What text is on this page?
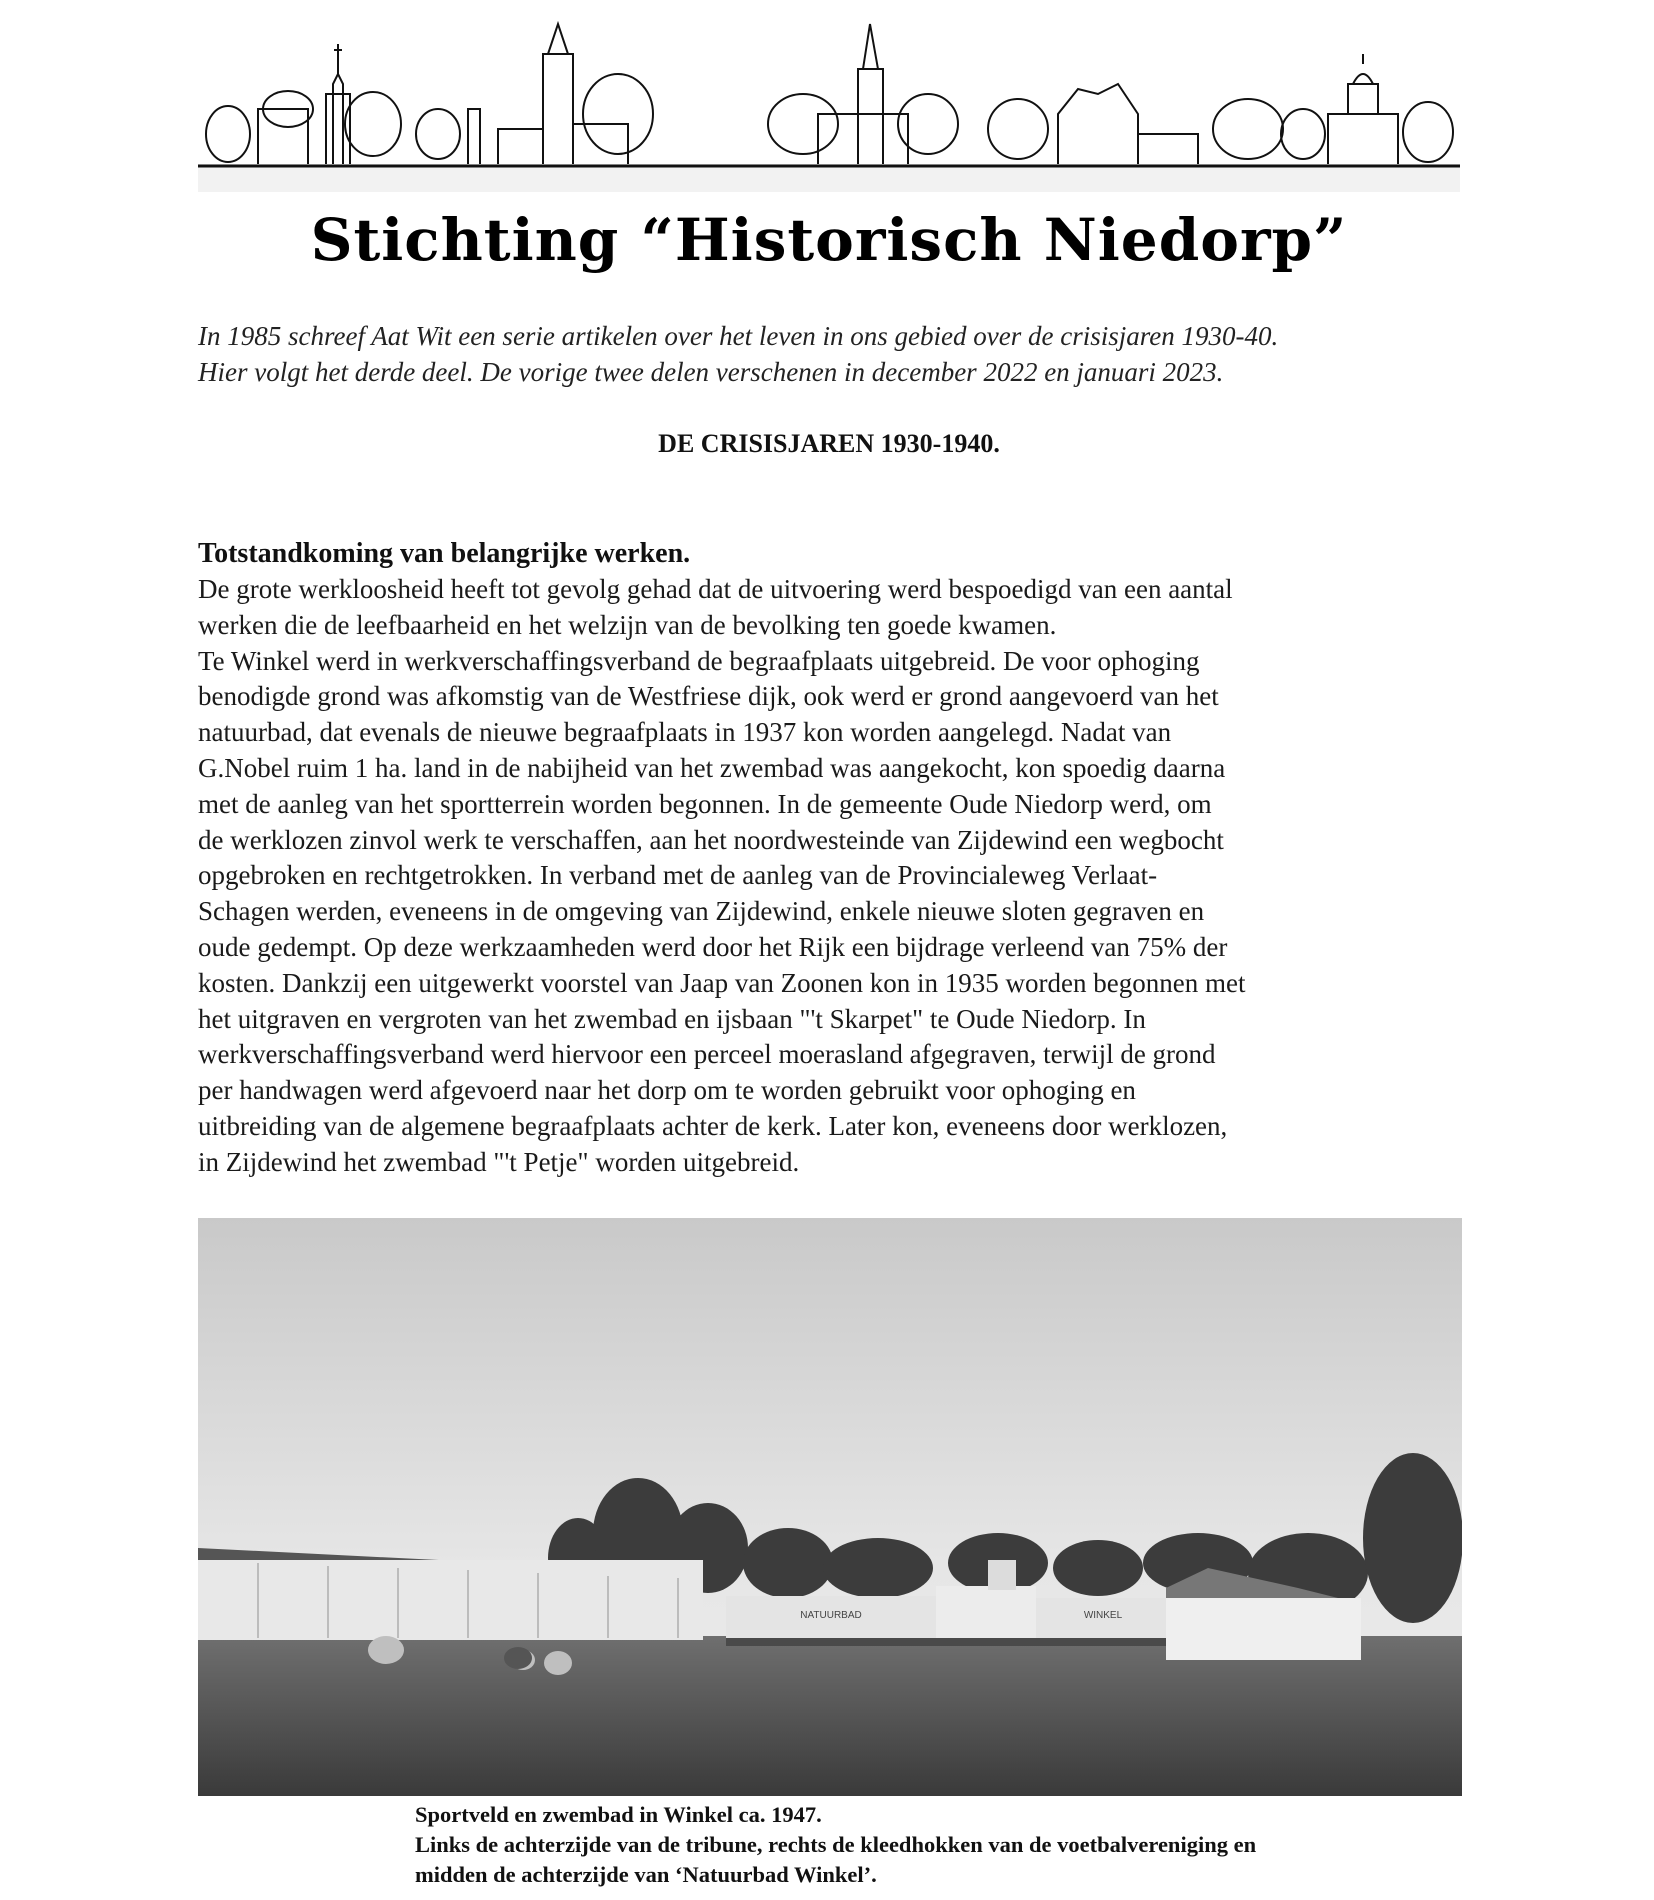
Stichting “Historisch Niedorp”

In 1985 schreef Aat Wit een serie artikelen over het leven in ons gebied over de crisisjaren 1930-40.

Hier volgt het derde deel. De vorige twee delen verschenen in december 2022 en januari 2023.

DE CRISISJAREN 1930-1940.
Totstandkoming van belangrijke werken.

De grote werkloosheid heeft tot gevolg gehad dat de uitvoering werd bespoedigd van een aantal

werken die de leefbaarheid en het welzijn van de bevolking ten goede kwamen.

Te Winkel werd in werkverschaffingsverband de begraafplaats uitgebreid. De voor ophoging

benodigde grond was afkomstig van de Westfriese dijk, ook werd er grond aangevoerd van het

natuurbad, dat evenals de nieuwe begraafplaats in 1937 kon worden aangelegd. Nadat van

G.Nobel ruim 1 ha. land in de nabijheid van het zwembad was aangekocht, kon spoedig daarna

met de aanleg van het sportterrein worden begonnen. In de gemeente Oude Niedorp werd, om

de werklozen zinvol werk te verschaffen, aan het noordwesteinde van Zijdewind een wegbocht

opgebroken en rechtgetrokken. In verband met de aanleg van de Provincialeweg Verlaat-

Schagen werden, eveneens in de omgeving van Zijdewind, enkele nieuwe sloten gegraven en

oude gedempt. Op deze werkzaamheden werd door het Rijk een bijdrage verleend van 75% der

kosten. Dankzij een uitgewerkt voorstel van Jaap van Zoonen kon in 1935 worden begonnen met

het uitgraven en vergroten van het zwembad en ijsbaan "'t Skarpet" te Oude Niedorp. In

werkverschaffingsverband werd hiervoor een perceel moerasland afgegraven, terwijl de grond

per handwagen werd afgevoerd naar het dorp om te worden gebruikt voor ophoging en

uitbreiding van de algemene begraafplaats achter de kerk. Later kon, eveneens door werklozen,

in Zijdewind het zwembad "'t Petje" worden uitgebreid.

NATUURBAD	WINKEL

Sportveld en zwembad in Winkel ca. 1947.

Links de achterzijde van de tribune, rechts de kleedhokken van de voetbalvereniging en

midden de achterzijde van ‘Natuurbad Winkel’.
